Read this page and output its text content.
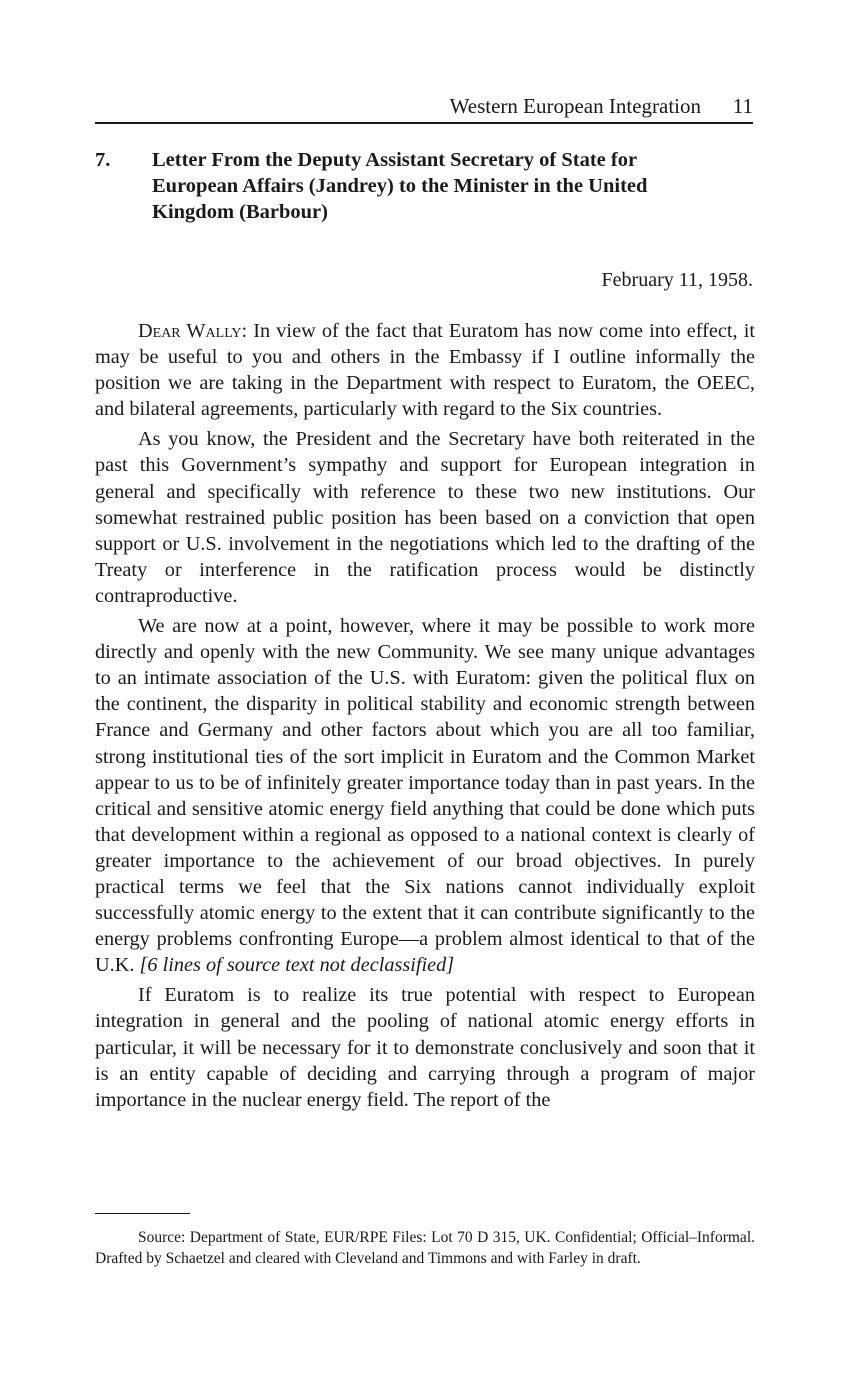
Western European Integration 11
7. Letter From the Deputy Assistant Secretary of State for European Affairs (Jandrey) to the Minister in the United Kingdom (Barbour)
February 11, 1958.

Dear Wally: In view of the fact that Euratom has now come into effect, it may be useful to you and others in the Embassy if I outline informally the position we are taking in the Department with respect to Euratom, the OEEC, and bilateral agreements, particularly with regard to the Six countries.

As you know, the President and the Secretary have both reiterated in the past this Government’s sympathy and support for European integration in general and specifically with reference to these two new institutions. Our somewhat restrained public position has been based on a conviction that open support or U.S. involvement in the negotiations which led to the drafting of the Treaty or interference in the ratification process would be distinctly contraproductive.

We are now at a point, however, where it may be possible to work more directly and openly with the new Community. We see many unique advantages to an intimate association of the U.S. with Euratom: given the political flux on the continent, the disparity in political stability and economic strength between France and Germany and other factors about which you are all too familiar, strong institutional ties of the sort implicit in Euratom and the Common Market appear to us to be of infinitely greater importance today than in past years. In the critical and sensitive atomic energy field anything that could be done which puts that development within a regional as opposed to a national context is clearly of greater importance to the achievement of our broad objectives. In purely practical terms we feel that the Six nations cannot individually exploit successfully atomic energy to the extent that it can contribute significantly to the energy problems confronting Europe—a problem almost identical to that of the U.K. [6 lines of source text not declassified]

If Euratom is to realize its true potential with respect to European integration in general and the pooling of national atomic energy efforts in particular, it will be necessary for it to demonstrate conclusively and soon that it is an entity capable of deciding and carrying through a program of major importance in the nuclear energy field. The report of the

Source: Department of State, EUR/RPE Files: Lot 70 D 315, UK. Confidential; Official–Informal. Drafted by Schaetzel and cleared with Cleveland and Timmons and with Farley in draft.
